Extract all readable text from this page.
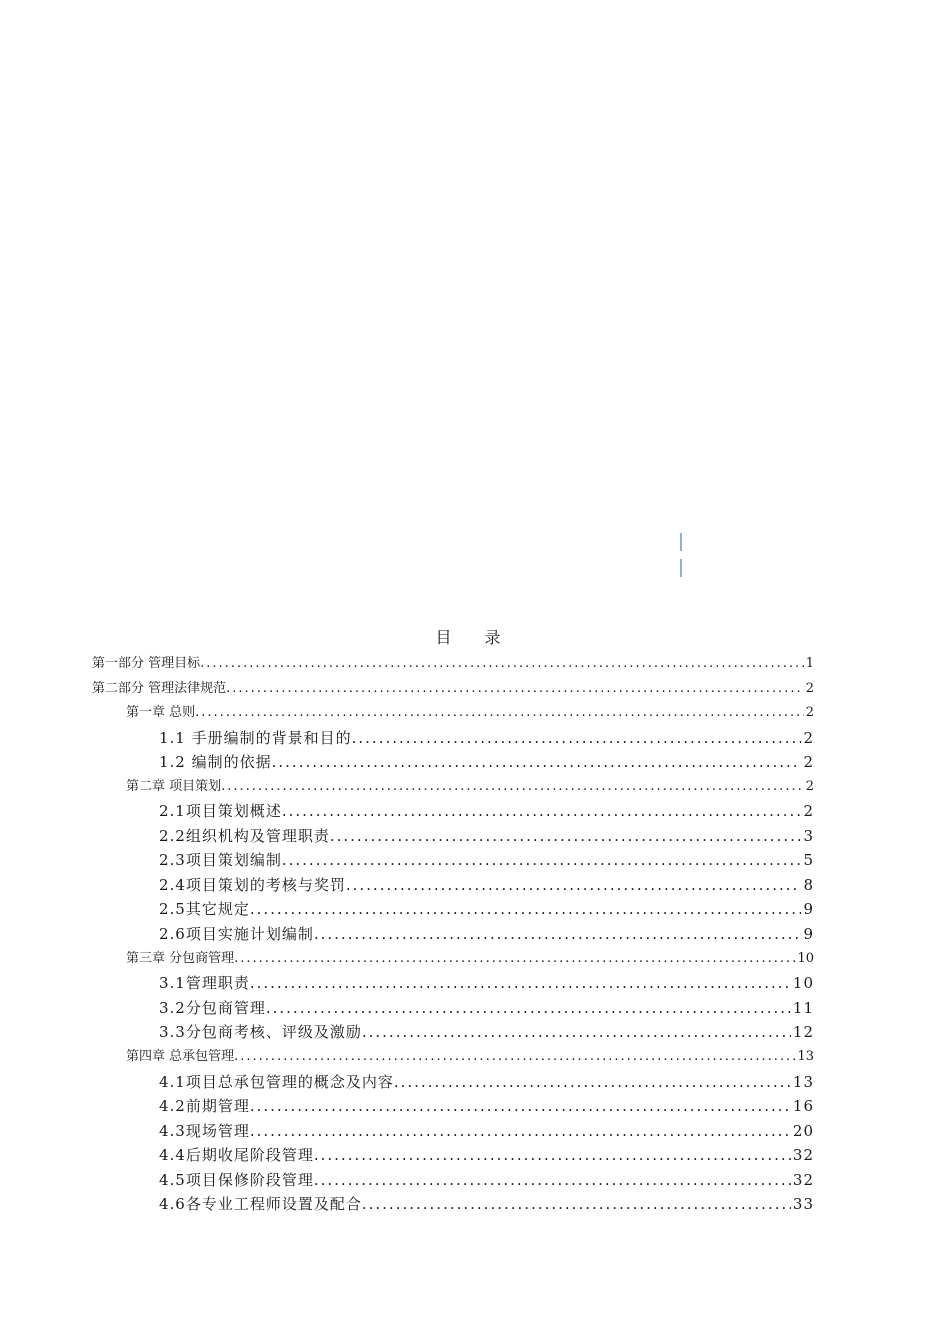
目 录
第一部分 管理目标 .....	1
第二部分 管理法律规范 .....	2
第一章 总则 .....	2
1.1 手册编制的背景和目的 .....	2
1.2 编制的依据 .....	2
第二章 项目策划 .....	2
2.1项目策划概述 .....	2
2.2组织机构及管理职责 .....	3
2.3项目策划编制 .....	5
2.4项目策划的考核与奖罚 .....	8
2.5其它规定 .....	9
2.6项目实施计划编制 .....	9
第三章 分包商管理 .....	10
3.1管理职责 .....	10
3.2分包商管理 .....	11
3.3分包商考核、评级及激励 .....	12
第四章 总承包管理 .....	13
4.1项目总承包管理的概念及内容 .....	13
4.2前期管理 .....	16
4.3现场管理 .....	20
4.4后期收尾阶段管理 .....	32
4.5项目保修阶段管理 .....	32
4.6各专业工程师设置及配合 .....	33
